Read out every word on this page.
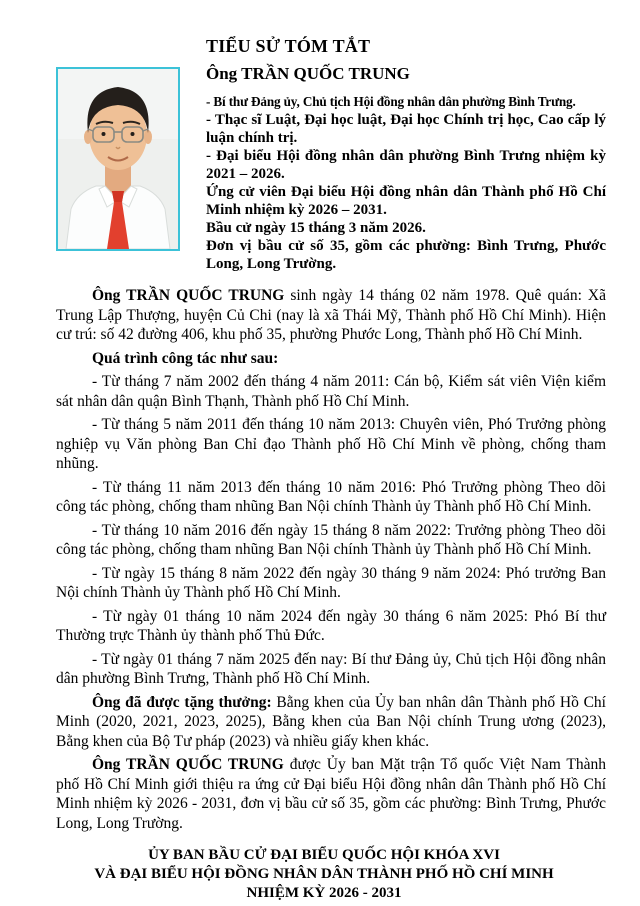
TIỂU SỬ TÓM TẮT
Ông TRẦN QUỐC TRUNG

- Bí thư Đảng ủy, Chủ tịch Hội đồng nhân dân phường Bình Trưng.

- Thạc sĩ Luật, Đại học luật, Đại học Chính trị học, Cao cấp lý luận chính trị.

- Đại biểu Hội đồng nhân dân phường Bình Trưng nhiệm kỳ 2021 – 2026.

Ứng cử viên Đại biểu Hội đồng nhân dân Thành phố Hồ Chí Minh nhiệm kỳ 2026 – 2031.

Bầu cử ngày 15 tháng 3 năm 2026.

Đơn vị bầu cử số 35, gồm các phường: Bình Trưng, Phước Long, Long Trường.

Ông TRẦN QUỐC TRUNG sinh ngày 14 tháng 02 năm 1978. Quê quán: Xã Trung Lập Thượng, huyện Củ Chi (nay là xã Thái Mỹ, Thành phố Hồ Chí Minh). Hiện cư trú: số 42 đường 406, khu phố 35, phường Phước Long, Thành phố Hồ Chí Minh.

Quá trình công tác như sau:

- Từ tháng 7 năm 2002 đến tháng 4 năm 2011: Cán bộ, Kiểm sát viên Viện kiểm sát nhân dân quận Bình Thạnh, Thành phố Hồ Chí Minh.

- Từ tháng 5 năm 2011 đến tháng 10 năm 2013: Chuyên viên, Phó Trưởng phòng nghiệp vụ Văn phòng Ban Chỉ đạo Thành phố Hồ Chí Minh về phòng, chống tham nhũng.

- Từ tháng 11 năm 2013 đến tháng 10 năm 2016: Phó Trưởng phòng Theo dõi công tác phòng, chống tham nhũng Ban Nội chính Thành ủy Thành phố Hồ Chí Minh.

- Từ tháng 10 năm 2016 đến ngày 15 tháng 8 năm 2022: Trưởng phòng Theo dõi công tác phòng, chống tham nhũng Ban Nội chính Thành ủy Thành phố Hồ Chí Minh.

- Từ ngày 15 tháng 8 năm 2022 đến ngày 30 tháng 9 năm 2024: Phó trưởng Ban Nội chính Thành ủy Thành phố Hồ Chí Minh.

- Từ ngày 01 tháng 10 năm 2024 đến ngày 30 tháng 6 năm 2025: Phó Bí thư Thường trực Thành ủy thành phố Thủ Đức.

- Từ ngày 01 tháng 7 năm 2025 đến nay: Bí thư Đảng ủy, Chủ tịch Hội đồng nhân dân phường Bình Trưng, Thành phố Hồ Chí Minh.

Ông đã được tặng thưởng: Bằng khen của Ủy ban nhân dân Thành phố Hồ Chí Minh (2020, 2021, 2023, 2025), Bằng khen của Ban Nội chính Trung ương (2023), Bằng khen của Bộ Tư pháp (2023) và nhiều giấy khen khác.

Ông TRẦN QUỐC TRUNG được Ủy ban Mặt trận Tổ quốc Việt Nam Thành phố Hồ Chí Minh giới thiệu ra ứng cử Đại biểu Hội đồng nhân dân Thành phố Hồ Chí Minh nhiệm kỳ 2026 - 2031, đơn vị bầu cử số 35, gồm các phường: Bình Trưng, Phước Long, Long Trường.

ỦY BAN BẦU CỬ ĐẠI BIỂU QUỐC HỘI KHÓA XVI

VÀ ĐẠI BIỂU HỘI ĐỒNG NHÂN DÂN THÀNH PHỐ HỒ CHÍ MINH

NHIỆM KỲ 2026 - 2031
